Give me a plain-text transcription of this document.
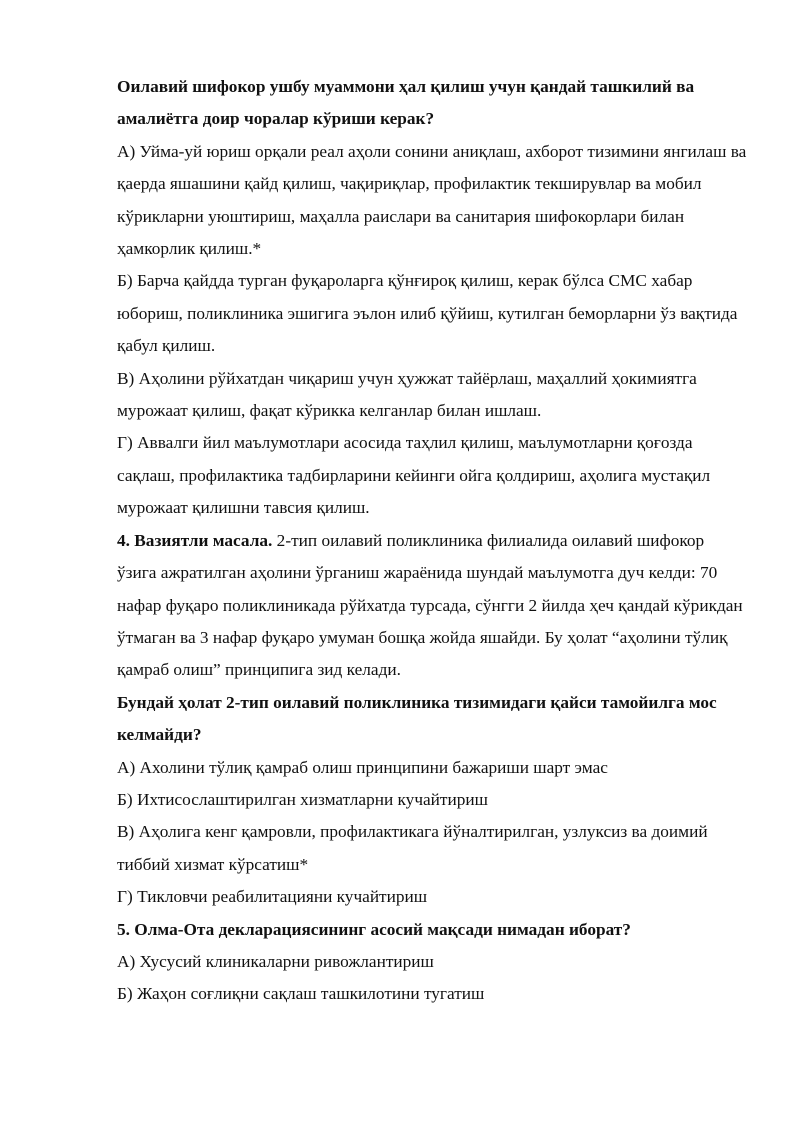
Оилавий шифокор ушбу муаммони ҳал қилиш учун қандай ташкилий ва амалиётга доир чоралар кўриши керак?

А) Уйма-уй юриш орқали реал аҳоли сонини аниқлаш, ахборот тизимини янгилаш ва қаерда яшашини қайд қилиш, чақириқлар, профилактик текширувлар ва мобил кўрикларни уюштириш, маҳалла раислари ва санитария шифокорлари билан ҳамкорлик қилиш.*

Б) Барча қайдда турган фуқароларга қўнғироқ қилиш, керак бўлса СМС хабар юбориш, поликлиника эшигига эълон илиб қўйиш, кутилган беморларни ўз вақтида қабул қилиш.

В) Аҳолини рўйхатдан чиқариш учун ҳужжат тайёрлаш, маҳаллий ҳокимиятга мурожаат қилиш, фақат кўрикка келганлар билан ишлаш.

Г) Аввалги йил маълумотлари асосида таҳлил қилиш, маълумотларни қоғозда сақлаш, профилактика тадбирларини кейинги ойга қолдириш, аҳолига мустақил мурожаат қилишни тавсия қилиш.

4. Вазиятли масала. 2-тип оилавий поликлиника филиалида оилавий шифокор ўзига ажратилган аҳолини ўрганиш жараёнида шундай маълумотга дуч келди: 70 нафар фуқаро поликлиникада рўйхатда турсада, сўнгги 2 йилда ҳеч қандай кўрикдан ўтмаган ва 3 нафар фуқаро умуман бошқа жойда яшайди. Бу ҳолат “аҳолини тўлиқ қамраб олиш” принципига зид келади.

Бундай ҳолат 2-тип оилавий поликлиника тизимидаги қайси тамойилга мос келмайди?

А) Ахолини тўлиқ қамраб олиш принципини бажариши шарт эмас

Б) Ихтисослаштирилган хизматларни кучайтириш

В) Аҳолига кенг қамровли, профилактикага йўналтирилган, узлуксиз ва доимий тиббий хизмат кўрсатиш*

Г) Тикловчи реабилитацияни кучайтириш

5. Олма-Ота декларациясининг асосий мақсади нимадан иборат?

А) Хусусий клиникаларни ривожлантириш

Б) Жаҳон соғлиқни сақлаш ташкилотини тугатиш
